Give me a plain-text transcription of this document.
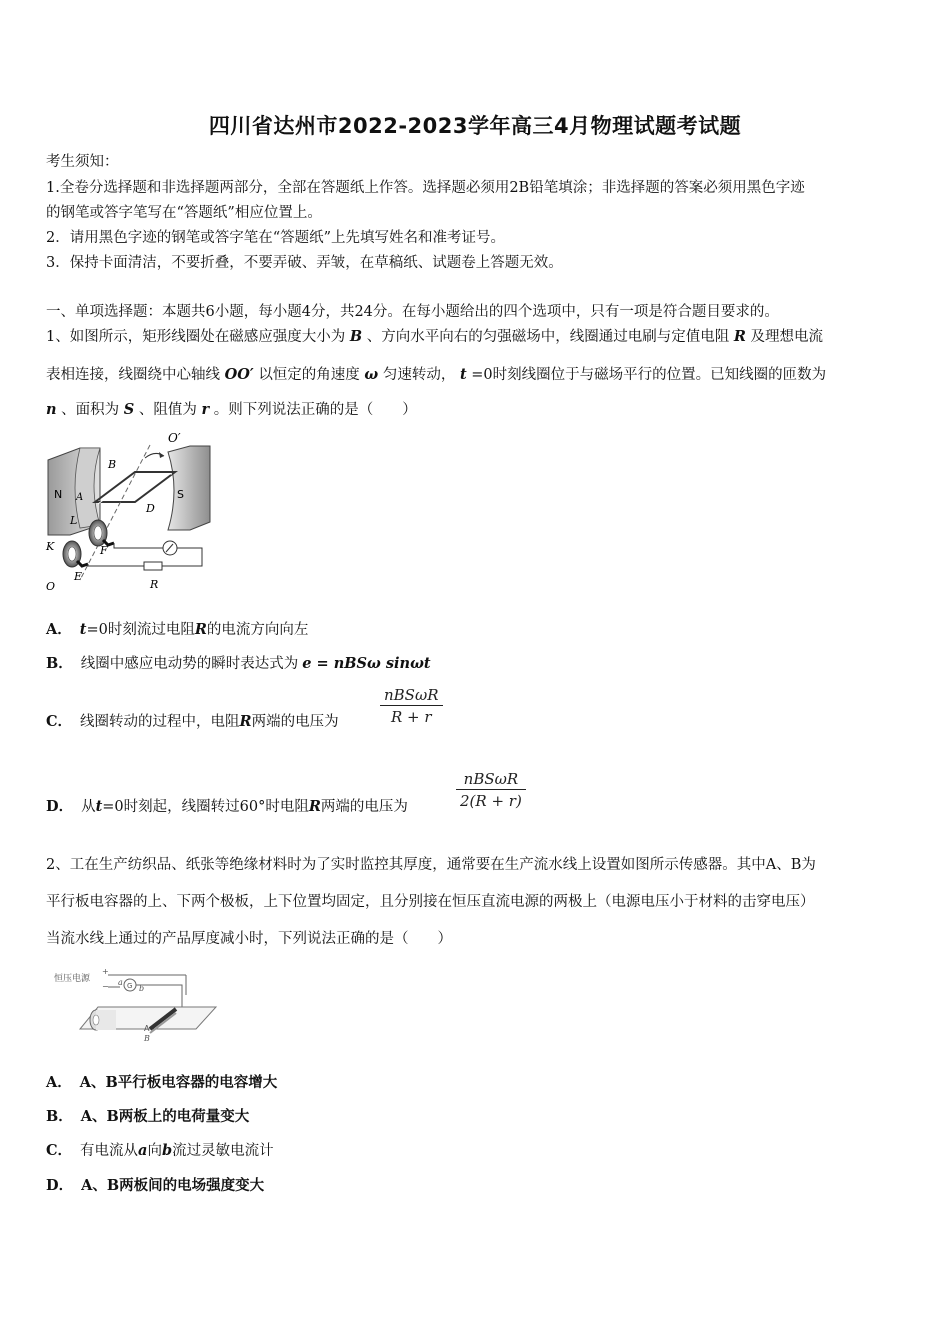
四川省达州市2022-2023学年高三4月物理试题考试题
考生须知：
1.全卷分选择题和非选择题两部分，全部在答题纸上作答。选择题必须用2B铅笔填涂；非选择题的答案必须用黑色字迹
的钢笔或答字笔写在“答题纸”相应位置上。
2．请用黑色字迹的钢笔或答字笔在“答题纸”上先填写姓名和准考证号。
3．保持卡面清洁，不要折叠，不要弄破、弄皱，在草稿纸、试题卷上答题无效。
一、单项选择题：本题共6小题，每小题4分，共24分。在每小题给出的四个选项中，只有一项是符合题目要求的。
1、如图所示，矩形线圈处在磁感应强度大小为 B 、方向水平向右的匀强磁场中，线圈通过电刷与定值电阻 R 及理想电流
表相连接，线圈绕中心轴线 OO′ 以恒定的角速度 ω 匀速转动， t =0时刻线圈位于与磁场平行的位置。已知线圈的匝数为
n 、面积为 S 、阻值为 r 。则下列说法正确的是（　　）
O′
B
N	S
A
D
L
K	F
O
E
R
A． t=0时刻流过电阻R的电流方向向左
B． 线圈中感应电动势的瞬时表达式为 e = nBSω sinωt
C． 线圈转动的过程中，电阻R两端的电压为
nBSωR
R + r
D． 从t=0时刻起，线圈转过60°时电阻R两端的电压为
nBSωR
2(R + r)
2、工在生产纺织品、纸张等绝缘材料时为了实时监控其厚度，通常要在生产流水线上设置如图所示传感器。其中A、B为
平行板电容器的上、下两个极板，上下位置均固定，且分别接在恒压直流电源的两极上（电源电压小于材料的击穿电压）
当流水线上通过的产品厚度减小时，下列说法正确的是（　　）
恒压电源
+
− a G b
A
B
A． A、B平行板电容器的电容增大
B． A、B两板上的电荷量变大
C． 有电流从a向b流过灵敏电流计
D． A、B两板间的电场强度变大
